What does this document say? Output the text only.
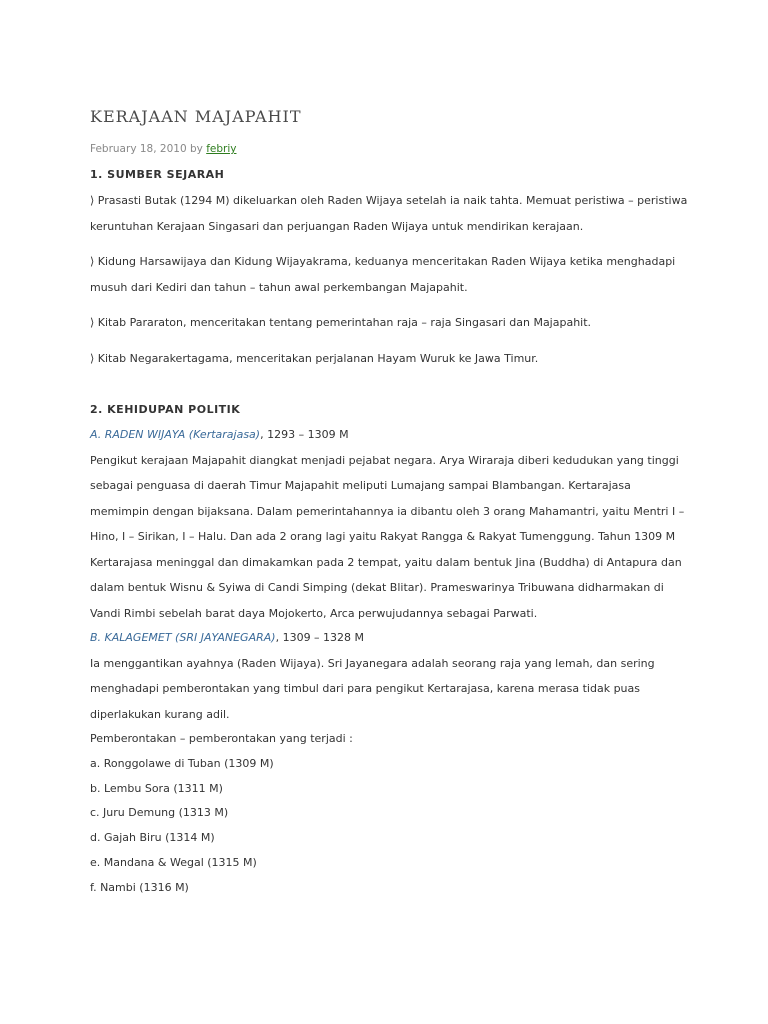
KERAJAAN MAJAPAHIT
February 18, 2010 by febriy
1. SUMBER SEJARAH

⟩ Prasasti Butak (1294 M) dikeluarkan oleh Raden Wijaya setelah ia naik tahta. Memuat peristiwa – peristiwa keruntuhan Kerajaan Singasari dan perjuangan Raden Wijaya untuk mendirikan kerajaan.

⟩ Kidung Harsawijaya dan Kidung Wijayakrama, keduanya menceritakan Raden Wijaya ketika menghadapi musuh dari Kediri dan tahun – tahun awal perkembangan Majapahit.

⟩ Kitab Pararaton, menceritakan tentang pemerintahan raja – raja Singasari dan Majapahit.

⟩ Kitab Negarakertagama, menceritakan perjalanan Hayam Wuruk ke Jawa Timur.

2. KEHIDUPAN POLITIK
A. RADEN WIJAYA (Kertarajasa), 1293 – 1309 M

Pengikut kerajaan Majapahit diangkat menjadi pejabat negara. Arya Wiraraja diberi kedudukan yang tinggi sebagai penguasa di daerah Timur Majapahit meliputi Lumajang sampai Blambangan. Kertarajasa memimpin dengan bijaksana. Dalam pemerintahannya ia dibantu oleh 3 orang Mahamantri, yaitu Mentri I – Hino, I – Sirikan, I – Halu. Dan ada 2 orang lagi yaitu Rakyat Rangga & Rakyat Tumenggung. Tahun 1309 M Kertarajasa meninggal dan dimakamkan pada 2 tempat, yaitu dalam bentuk Jina (Buddha) di Antapura dan dalam bentuk Wisnu & Syiwa di Candi Simping (dekat Blitar). Prameswarinya Tribuwana didharmakan di Vandi Rimbi sebelah barat daya Mojokerto, Arca perwujudannya sebagai Parwati.

B. KALAGEMET (SRI JAYANEGARA), 1309 – 1328 M

Ia menggantikan ayahnya (Raden Wijaya). Sri Jayanegara adalah seorang raja yang lemah, dan sering menghadapi pemberontakan yang timbul dari para pengikut Kertarajasa, karena merasa tidak puas diperlakukan kurang adil.

Pemberontakan – pemberontakan yang terjadi :
a. Ronggolawe di Tuban (1309 M)
b. Lembu Sora (1311 M)
c. Juru Demung (1313 M)
d. Gajah Biru (1314 M)
e. Mandana & Wegal (1315 M)
f. Nambi (1316 M)
